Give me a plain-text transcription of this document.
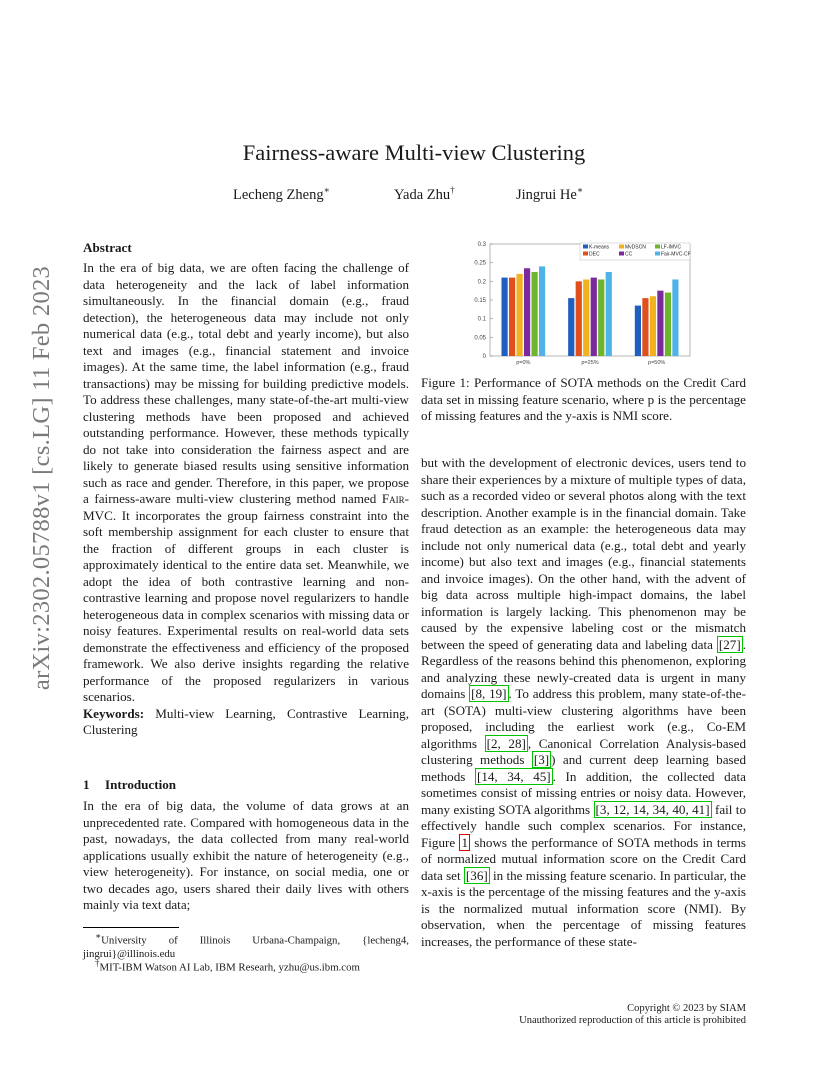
arXiv:2302.05788v1 [cs.LG] 11 Feb 2023
Fairness-aware Multi-view Clustering
Lecheng Zheng∗	Yada Zhu†	Jingrui He∗
Abstract

In the era of big data, we are often facing the challenge of data heterogeneity and the lack of label information simultaneously. In the financial domain (e.g., fraud detection), the heterogeneous data may include not only numerical data (e.g., total debt and yearly income), but also text and images (e.g., financial statement and invoice images). At the same time, the label information (e.g., fraud transactions) may be missing for building predictive models. To address these challenges, many state-of-the-art multi-view clustering methods have been proposed and achieved outstanding performance. However, these methods typically do not take into consideration the fairness aspect and are likely to generate biased results using sensitive information such as race and gender. Therefore, in this paper, we propose a fairness-aware multi-view clustering method named Fair-MVC. It incorporates the group fairness constraint into the soft membership assignment for each cluster to ensure that the fraction of different groups in each cluster is approximately identical to the entire data set. Meanwhile, we adopt the idea of both contrastive learning and non-contrastive learning and propose novel regularizers to handle heterogeneous data in complex scenarios with missing data or noisy features. Experimental results on real-world data sets demonstrate the effectiveness and efficiency of the proposed framework. We also derive insights regarding the relative performance of the proposed regularizers in various scenarios.

Keywords: Multi-view Learning, Contrastive Learning, Clustering

1 Introduction

In the era of big data, the volume of data grows at an unprecedented rate. Compared with homogeneous data in the past, nowadays, the data collected from many real-world applications usually exhibit the nature of heterogeneity (e.g., view heterogeneity). For instance, on social media, one or two decades ago, users shared their daily lives with others mainly via text data;

∗University of Illinois Urbana-Champaign, {lecheng4, jingrui}@illinois.edu
†MIT-IBM Watson AI Lab, IBM Researh, yzhu@us.ibm.com
0
0.05
0.1
0.15
0.2
0.25
0.3
p=0%	p=25%	p=50%
K-means	MvDSCN	LF-IMVC
DEC	CC	Fair-MVC-CF
Figure 1: Performance of SOTA methods on the Credit Card data set in missing feature scenario, where p is the percentage of missing features and the y-axis is NMI score.

but with the development of electronic devices, users tend to share their experiences by a mixture of multiple types of data, such as a recorded video or several photos along with the text description. Another example is in the financial domain. Take fraud detection as an example: the heterogeneous data may include not only numerical data (e.g., total debt and yearly income) but also text and images (e.g., financial statements and invoice images). On the other hand, with the advent of big data across multiple high-impact domains, the label information is largely lacking. This phenomenon may be caused by the expensive labeling cost or the mismatch between the speed of generating data and labeling data [27] . Regardless of the reasons behind this phenomenon, exploring and analyzing these newly-created data is urgent in many domains [8, 19] . To address this problem, many state-of-the-art (SOTA) multi-view clustering algorithms have been proposed, including the earliest work (e.g., Co-EM algorithms [2, 28] , Canonical Correlation Analysis-based clustering methods [3] ) and current deep learning based methods [14, 34, 45] . In addition, the collected data sometimes consist of missing entries or noisy data. However, many existing SOTA algorithms [3, 12, 14, 34, 40, 41] fail to effectively handle such complex scenarios. For instance, Figure 1 shows the performance of SOTA methods in terms of normalized mutual information score on the Credit Card data set [36] in the missing feature scenario. In particular, the x-axis is the percentage of the missing features and the y-axis is the normalized mutual information score (NMI). By observation, when the percentage of missing features increases, the performance of these state-

Copyright © 2023 by SIAM
Unauthorized reproduction of this article is prohibited
